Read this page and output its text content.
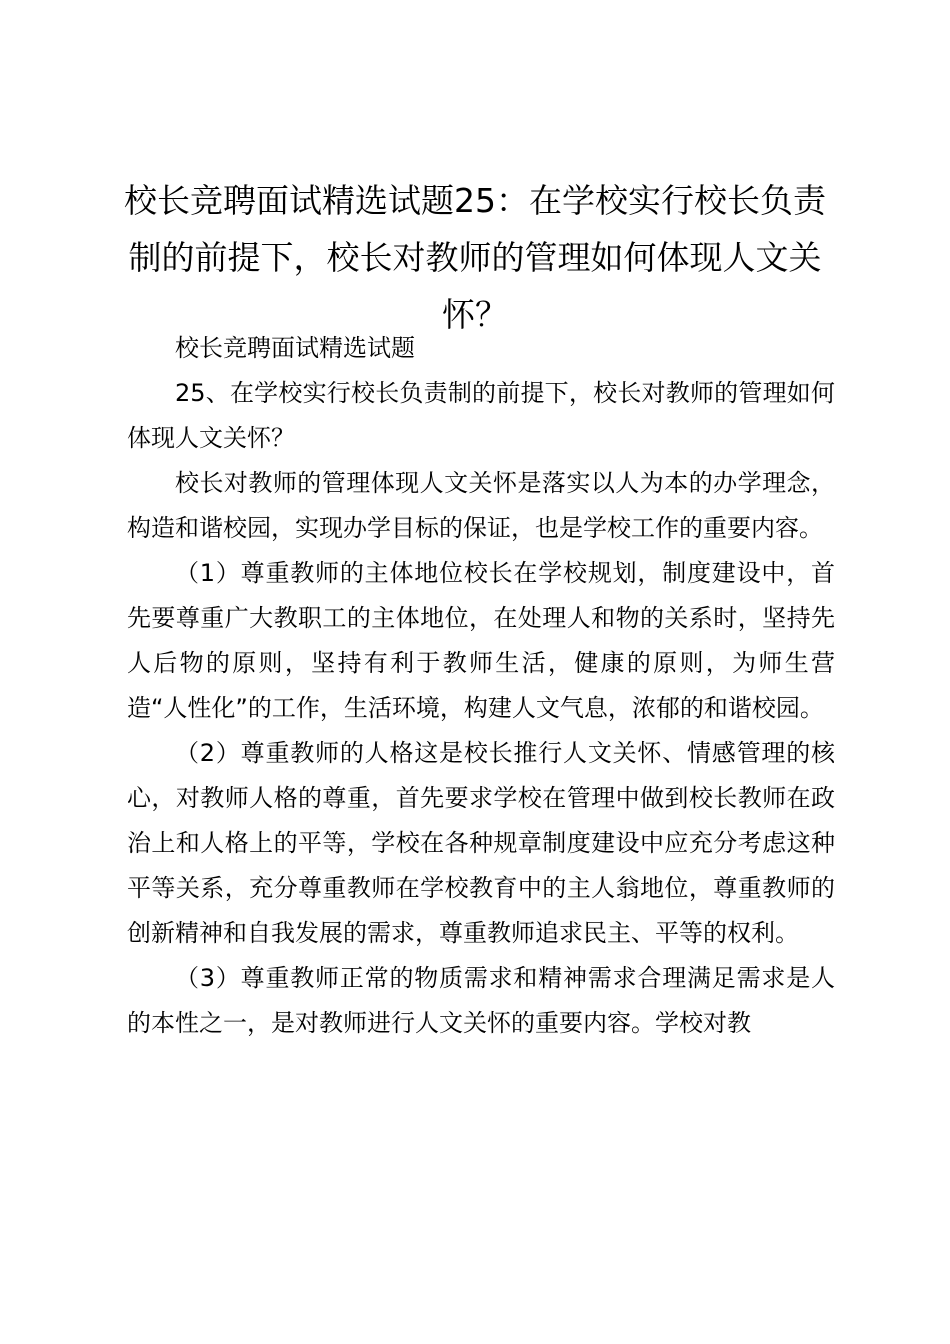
校长竞聘面试精选试题25：在学校实行校长负责制的前提下，校长对教师的管理如何体现人文关怀？

校长竞聘面试精选试题

25、在学校实行校长负责制的前提下，校长对教师的管理如何体现人文关怀？

校长对教师的管理体现人文关怀是落实以人为本的办学理念，构造和谐校园，实现办学目标的保证，也是学校工作的重要内容。

（1）尊重教师的主体地位校长在学校规划，制度建设中，首先要尊重广大教职工的主体地位，在处理人和物的关系时，坚持先人后物的原则，坚持有利于教师生活，健康的原则，为师生营造“人性化”的工作，生活环境，构建人文气息，浓郁的和谐校园。

（2）尊重教师的人格这是校长推行人文关怀、情感管理的核心，对教师人格的尊重，首先要求学校在管理中做到校长教师在政治上和人格上的平等，学校在各种规章制度建设中应充分考虑这种平等关系，充分尊重教师在学校教育中的主人翁地位，尊重教师的创新精神和自我发展的需求，尊重教师追求民主、平等的权利。

（3）尊重教师正常的物质需求和精神需求合理满足需求是人的本性之一，是对教师进行人文关怀的重要内容。学校对教
